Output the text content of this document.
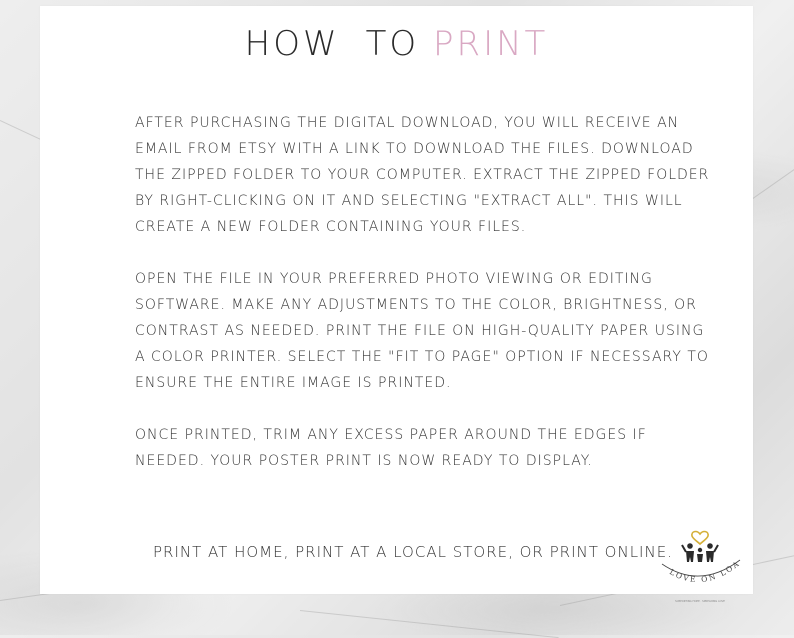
HOW TO PRINT

AFTER PURCHASING THE DIGITAL DOWNLOAD, YOU WILL RECEIVE AN EMAIL FROM ETSY WITH A LINK TO DOWNLOAD THE FILES. DOWNLOAD THE ZIPPED FOLDER TO YOUR COMPUTER. EXTRACT THE ZIPPED FOLDER BY RIGHT-CLICKING ON IT AND SELECTING "EXTRACT ALL". THIS WILL CREATE A NEW FOLDER CONTAINING YOUR FILES.

OPEN THE FILE IN YOUR PREFERRED PHOTO VIEWING OR EDITING SOFTWARE. MAKE ANY ADJUSTMENTS TO THE COLOR, BRIGHTNESS, OR CONTRAST AS NEEDED. PRINT THE FILE ON HIGH-QUALITY PAPER USING A COLOR PRINTER. SELECT THE "FIT TO PAGE" OPTION IF NECESSARY TO ENSURE THE ENTIRE IMAGE IS PRINTED.

ONCE PRINTED, TRIM ANY EXCESS PAPER AROUND THE EDGES IF NEEDED. YOUR POSTER PRINT IS NOW READY TO DISPLAY.

PRINT AT HOME, PRINT AT A LOCAL STORE, OR PRINT ONLINE.
LOVE ON LOA
SUPPORTING HOPE · SPREADING LOVE
